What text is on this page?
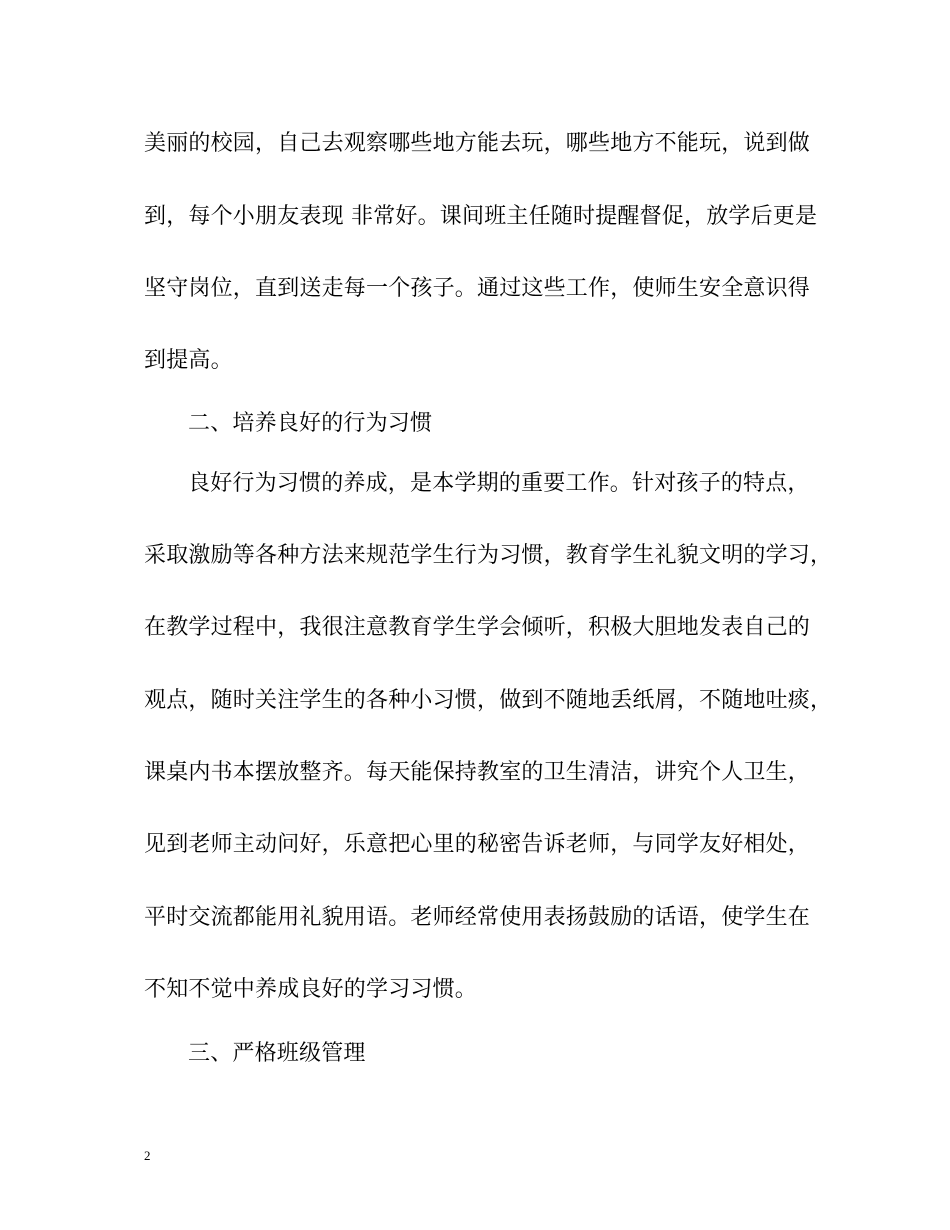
美丽的校园，自己去观察哪些地方能去玩，哪些地方不能玩，说到做
到，每个小朋友表现 非常好。课间班主任随时提醒督促，放学后更是
坚守岗位，直到送走每一个孩子。通过这些工作，使师生安全意识得
到提高。
二、培养良好的行为习惯
良好行为习惯的养成，是本学期的重要工作。针对孩子的特点，
采取激励等各种方法来规范学生行为习惯，教育学生礼貌文明的学习，
在教学过程中，我很注意教育学生学会倾听，积极大胆地发表自己的
观点，随时关注学生的各种小习惯，做到不随地丢纸屑，不随地吐痰，
课桌内书本摆放整齐。每天能保持教室的卫生清洁，讲究个人卫生，
见到老师主动问好，乐意把心里的秘密告诉老师，与同学友好相处，
平时交流都能用礼貌用语。老师经常使用表扬鼓励的话语，使学生在
不知不觉中养成良好的学习习惯。
三、严格班级管理
2
